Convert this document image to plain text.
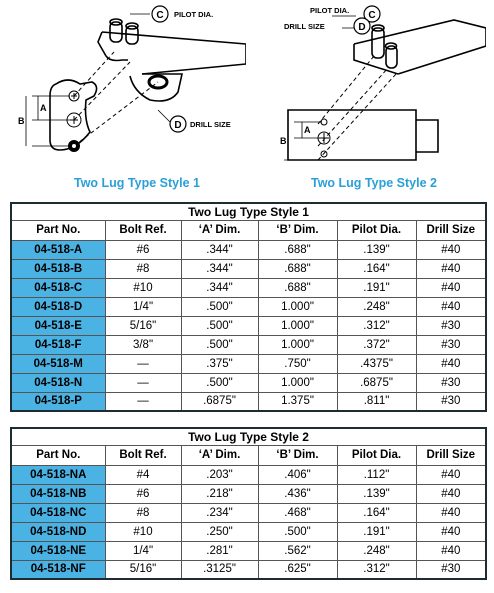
C PILOT DIA.
D DRILL SIZE
A
B
Two Lug Type Style 1
C
D
PILOT DIA.
DRILL SIZE
A
B
Two Lug Type Style 2
Two Lug Type Style 1					
Part No.	Bolt Ref.	‘A’ Dim.	‘B’ Dim.	Pilot Dia.	Drill Size
04-518-A	#6	.344"	.688"	.139"	#40
04-518-B	#8	.344"	.688"	.164"	#40
04-518-C	#10	.344"	.688"	.191"	#40
04-518-D	1/4"	.500"	1.000"	.248"	#40
04-518-E	5/16"	.500"	1.000"	.312"	#30
04-518-F	3/8"	.500"	1.000"	.372"	#30
04-518-M	—	.375"	.750"	.4375"	#40
04-518-N	—	.500"	1.000"	.6875"	#30
04-518-P	—	.6875"	1.375"	.811"	#30
Two Lug Type Style 2					
Part No.	Bolt Ref.	‘A’ Dim.	‘B’ Dim.	Pilot Dia.	Drill Size
04-518-NA	#4	.203"	.406"	.112"	#40
04-518-NB	#6	.218"	.436"	.139"	#40
04-518-NC	#8	.234"	.468"	.164"	#40
04-518-ND	#10	.250"	.500"	.191"	#40
04-518-NE	1/4"	.281"	.562"	.248"	#40
04-518-NF	5/16"	.3125"	.625"	.312"	#30
